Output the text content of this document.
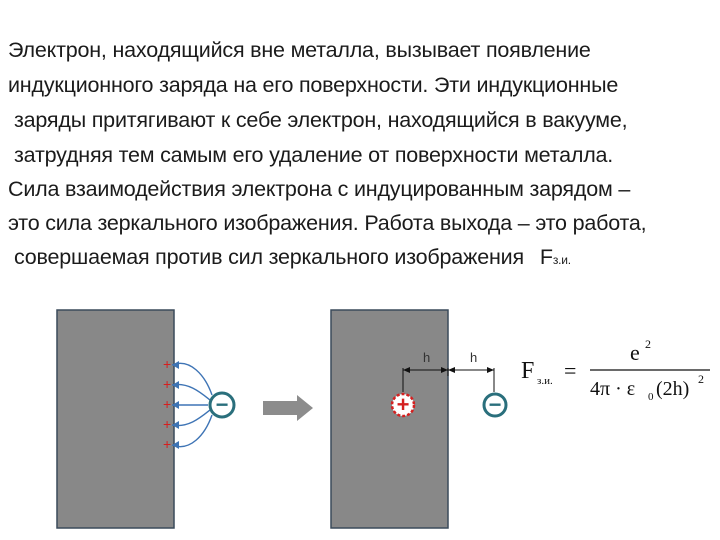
Электрон, находящийся вне металла, вызывает появление
индукционного заряда на его поверхности. Эти индукционные
заряды притягивают к себе электрон, находящийся в вакууме,
затрудняя тем самым его удаление от поверхности металла.
Сила взаимодействия электрона с индуцированным зарядом –
это сила зеркального изображения. Работа выхода – это работа,
совершаемая против сил зеркального изображения Fз.и.
+
+
+
+
+
−	+
h	h
−
F з.и. =
e 2
4π · ε 0 (2h) 2
